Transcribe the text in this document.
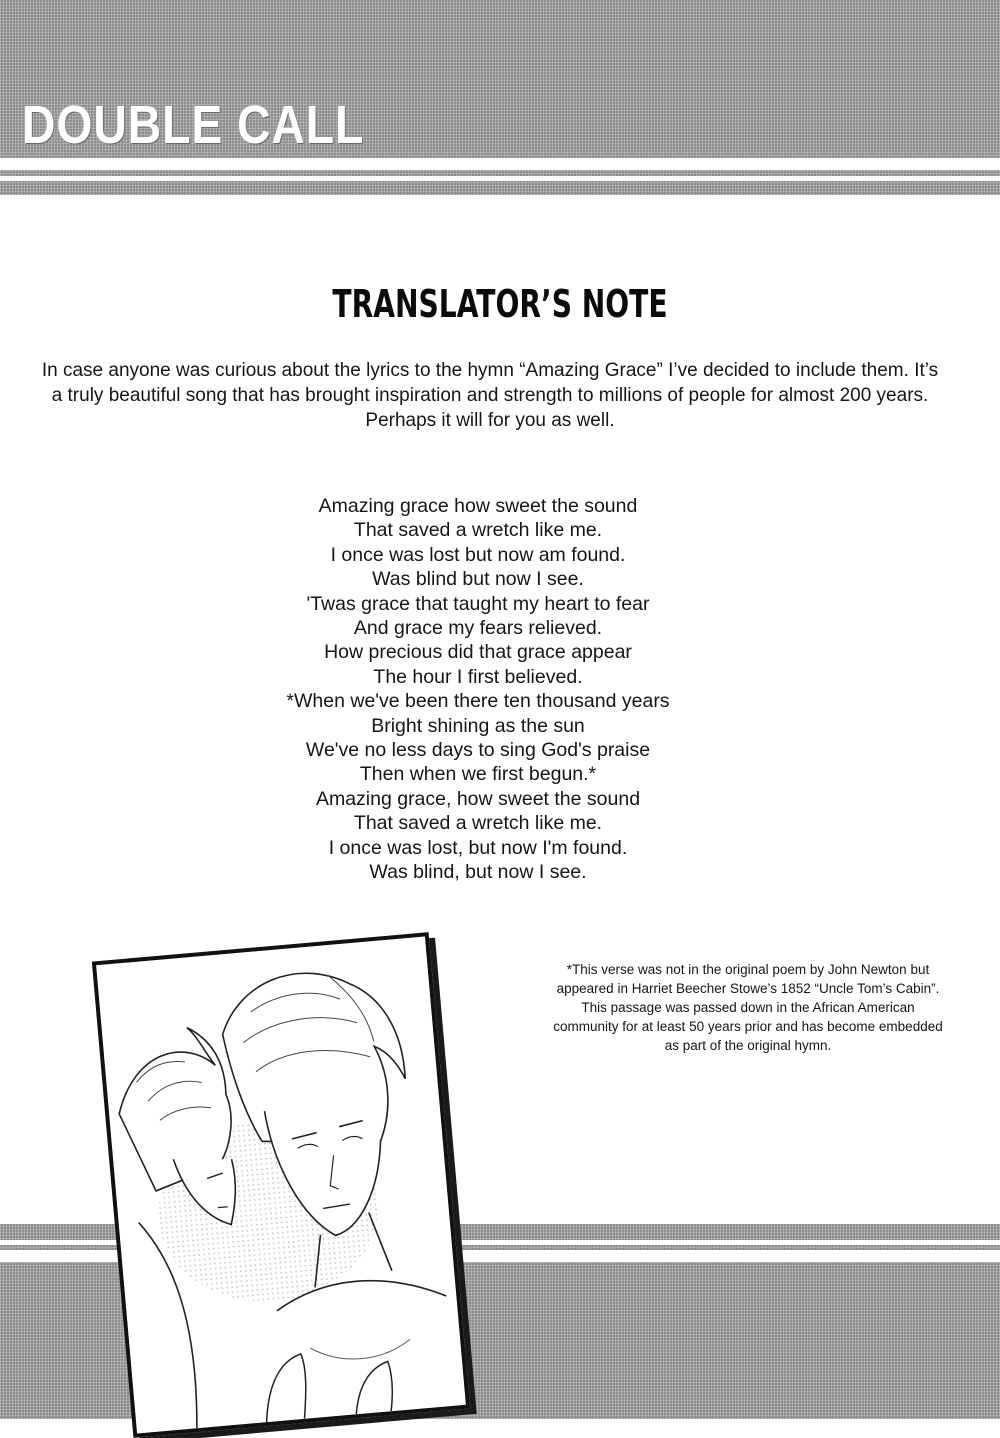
DOUBLE CALL
TRANSLATOR’S NOTE

In case anyone was curious about the lyrics to the hymn “Amazing Grace” I’ve decided to include them. It’s a truly beautiful song that has brought inspiration and strength to millions of people for almost 200 years. Perhaps it will for you as well.

Amazing grace how sweet the sound
That saved a wretch like me.
I once was lost but now am found.
Was blind but now I see.
'Twas grace that taught my heart to fear
And grace my fears relieved.
How precious did that grace appear
The hour I first believed.
*When we've been there ten thousand years
Bright shining as the sun
We've no less days to sing God's praise
Then when we first begun.*
Amazing grace, how sweet the sound
That saved a wretch like me.
I once was lost, but now I'm found.
Was blind, but now I see.

*This verse was not in the original poem by John Newton but appeared in Harriet Beecher Stowe’s 1852 “Uncle Tom’s Cabin”. This passage was passed down in the African American community for at least 50 years prior and has become embedded as part of the original hymn.
